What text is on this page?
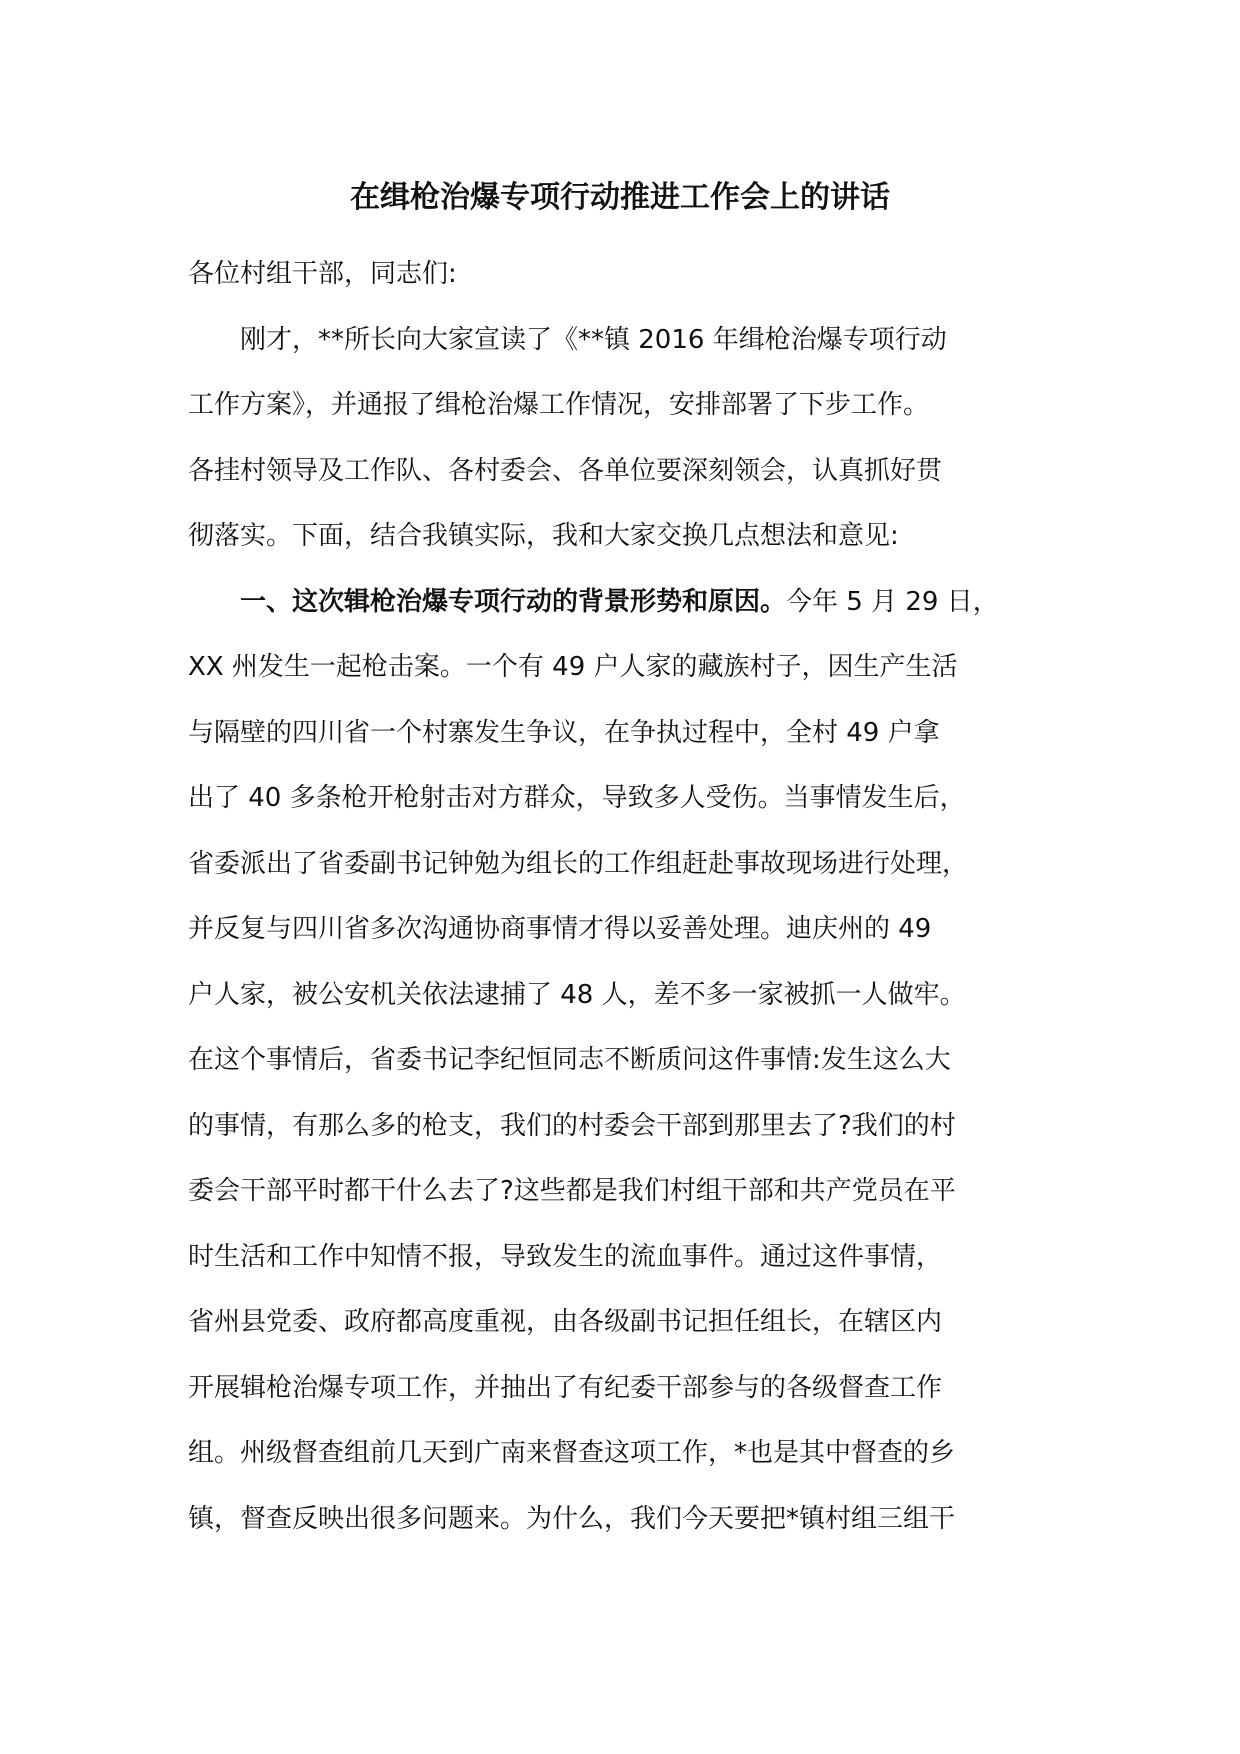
在缉枪治爆专项行动推进工作会上的讲话
各位村组干部，同志们:
刚才，**所长向大家宣读了《**镇 2016 年缉枪治爆专项行动
工作方案》，并通报了缉枪治爆工作情况，安排部署了下步工作。
各挂村领导及工作队、各村委会、各单位要深刻领会，认真抓好贯
彻落实。下面，结合我镇实际，我和大家交换几点想法和意见:
一、这次辑枪治爆专项行动的背景形势和原因。今年 5 月 29 日，
XX 州发生一起枪击案。一个有 49 户人家的藏族村子，因生产生活
与隔壁的四川省一个村寨发生争议，在争执过程中，全村 49 户拿
出了 40 多条枪开枪射击对方群众，导致多人受伤。当事情发生后，
省委派出了省委副书记钟勉为组长的工作组赶赴事故现场进行处理，
并反复与四川省多次沟通协商事情才得以妥善处理。迪庆州的 49
户人家，被公安机关依法逮捕了 48 人，差不多一家被抓一人做牢。
在这个事情后，省委书记李纪恒同志不断质问这件事情:发生这么大
的事情，有那么多的枪支，我们的村委会干部到那里去了?我们的村
委会干部平时都干什么去了?这些都是我们村组干部和共产党员在平
时生活和工作中知情不报，导致发生的流血事件。通过这件事情，
省州县党委、政府都高度重视，由各级副书记担任组长，在辖区内
开展辑枪治爆专项工作，并抽出了有纪委干部参与的各级督查工作
组。州级督查组前几天到广南来督查这项工作，*也是其中督查的乡
镇，督查反映出很多问题来。为什么，我们今天要把*镇村组三组干
